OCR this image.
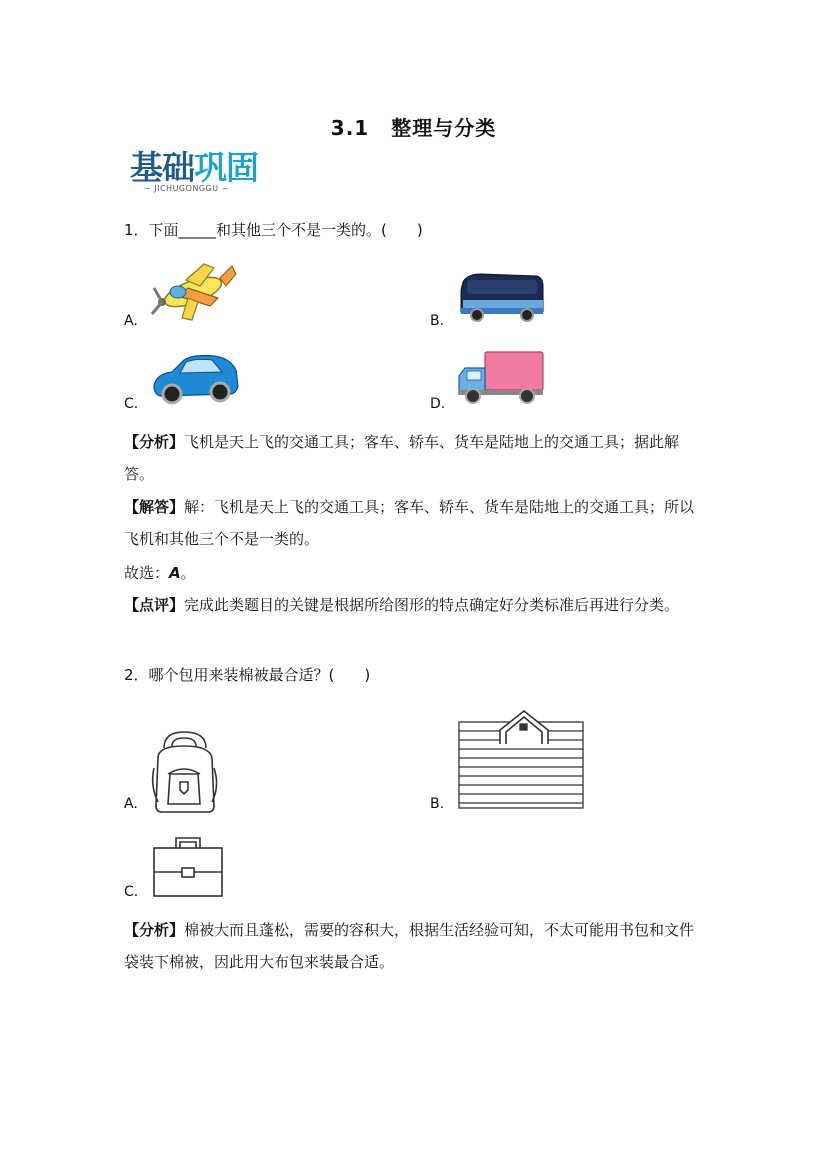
3.1 整理与分类
基础巩固
~ JICHUGONGGU ~
1．下面_____和其他三个不是一类的。(　　)
A.	B.
C.	D.
【分析】飞机是天上飞的交通工具；客车、轿车、货车是陆地上的交通工具；据此解答。
【解答】解：飞机是天上飞的交通工具；客车、轿车、货车是陆地上的交通工具；所以飞机和其他三个不是一类的。
故选：A。
【点评】完成此类题目的关键是根据所给图形的特点确定好分类标准后再进行分类。
2．哪个包用来装棉被最合适？(　　)
A.	B.
C.
【分析】棉被大而且蓬松，需要的容积大，根据生活经验可知，不太可能用书包和文件袋装下棉被，因此用大布包来装最合适。
